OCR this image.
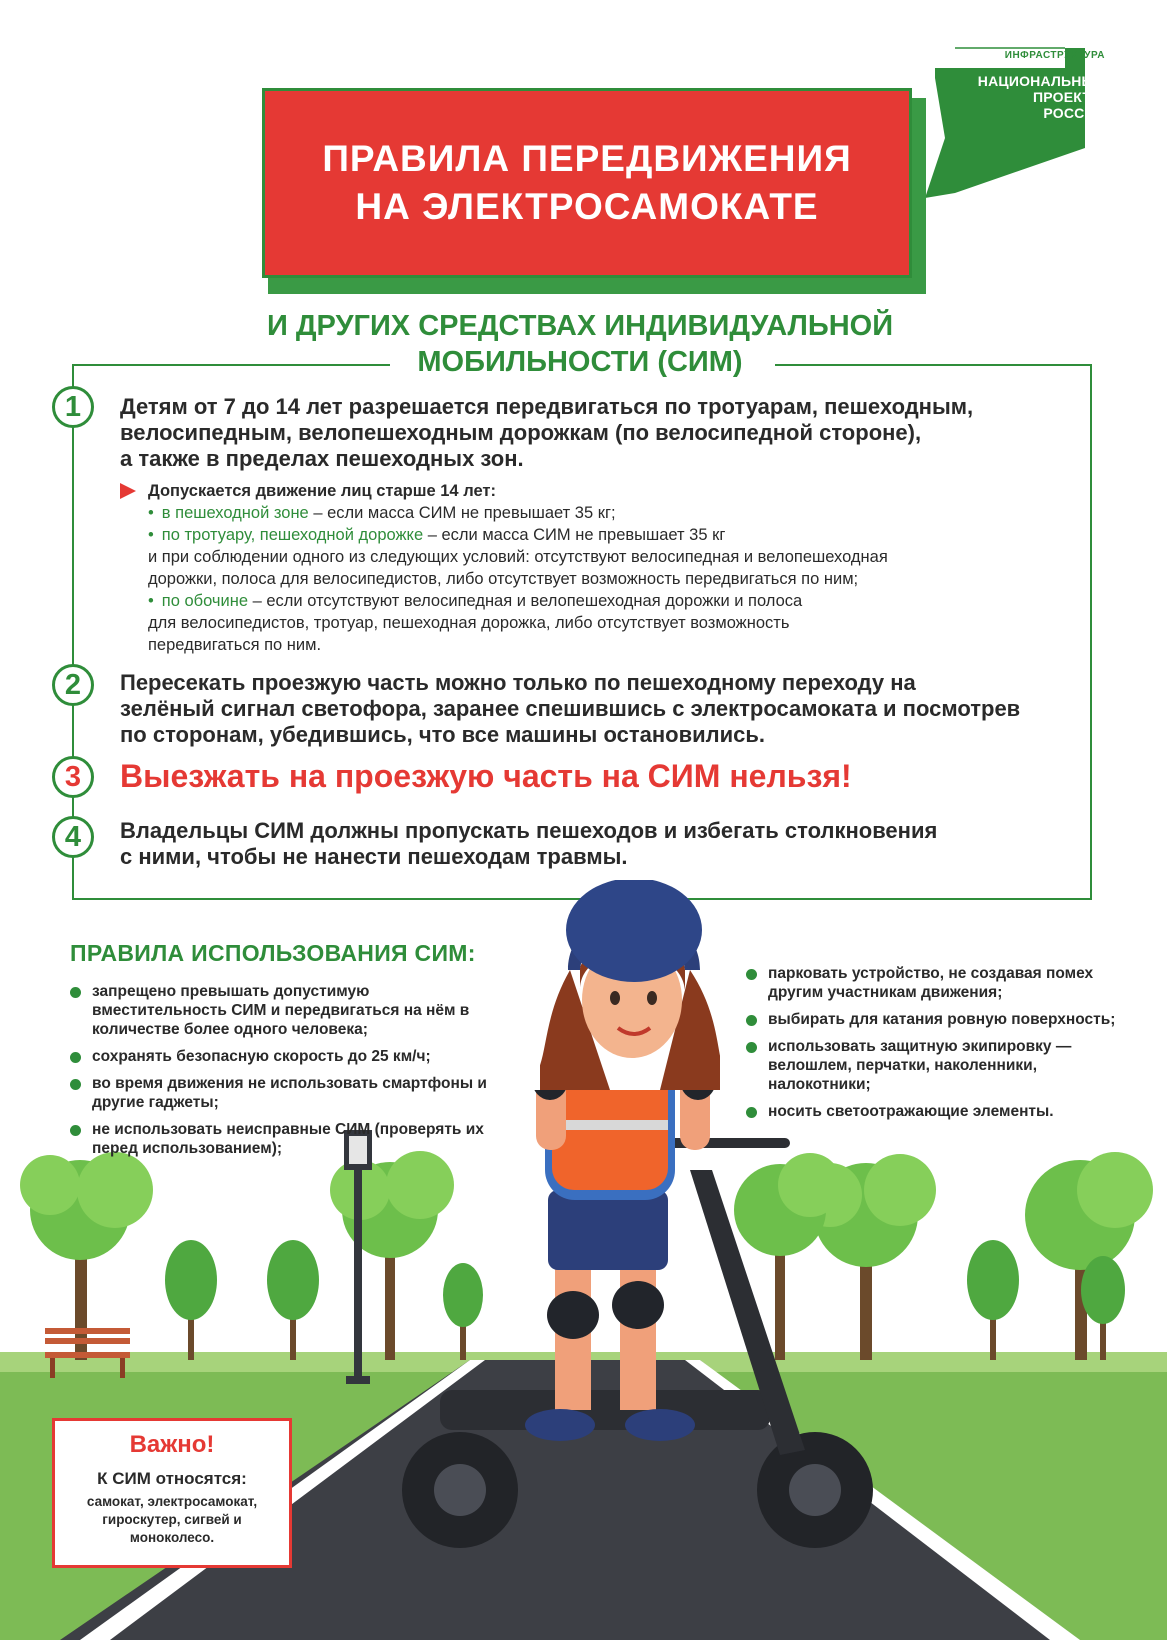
ИНФРАСТРУКТУРА
НАЦИОНАЛЬНЫЕ
ПРОЕКТЫ
РОССИИ
ПРАВИЛА ПЕРЕДВИЖЕНИЯ
НА ЭЛЕКТРОСАМОКАТЕ
И ДРУГИХ СРЕДСТВАХ ИНДИВИДУАЛЬНОЙ
МОБИЛЬНОСТИ (СИМ)
1	Детям от 7 до 14 лет разрешается передвигаться по тротуарам, пешеходным,
велосипедным, велопешеходным дорожкам (по велосипедной стороне),
а также в пределах пешеходных зон.
Допускается движение лиц старше 14 лет:
• в пешеходной зоне – если масса СИМ не превышает 35 кг;
• по тротуару, пешеходной дорожке – если масса СИМ не превышает 35 кг
и при соблюдении одного из следующих условий: отсутствуют велосипедная и велопешеходная
дорожки, полоса для велосипедистов, либо отсутствует возможность передвигаться по ним;
• по обочине – если отсутствуют велосипедная и велопешеходная дорожки и полоса
для велосипедистов, тротуар, пешеходная дорожка, либо отсутствует возможность
передвигаться по ним.
2	Пересекать проезжую часть можно только по пешеходному переходу на
зелёный сигнал светофора, заранее спешившись с электросамоката и посмотрев
по сторонам, убедившись, что все машины остановились.
3	Выезжать на проезжую часть на СИМ нельзя!
4	Владельцы СИМ должны пропускать пешеходов и избегать столкновения
с ними, чтобы не нанести пешеходам травмы.
ПРАВИЛА ИСПОЛЬЗОВАНИЯ СИМ:
запрещено превышать допустимую вместительность СИМ и передвигаться на нём в количестве более одного человека;
сохранять безопасную скорость до 25 км/ч;
во время движения не использовать смартфоны и другие гаджеты;
не использовать неисправные СИМ (проверять их перед использованием);
парковать устройство, не создавая помех другим участникам движения;
выбирать для катания ровную поверхность;
использовать защитную экипировку — велошлем, перчатки, наколенники, налокотники;
носить светоотражающие элементы.
Важно!
К СИМ относятся:
самокат, электросамокат, гироскутер, сигвей и моноколесо.
